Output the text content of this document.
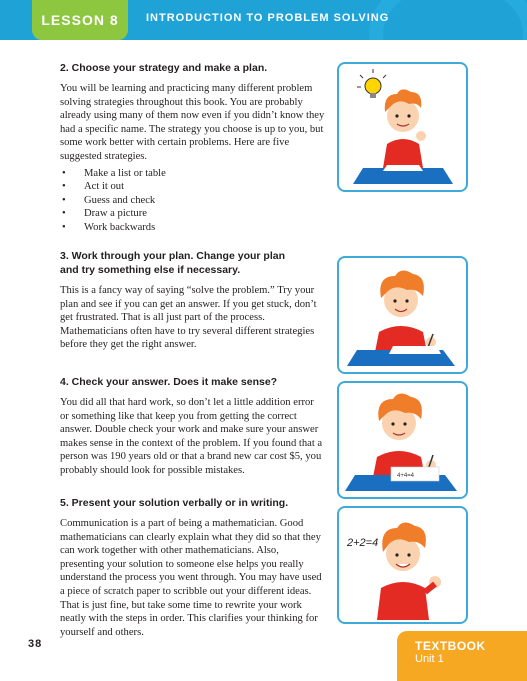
LESSON 8	INTRODUCTION TO PROBLEM SOLVING
2. Choose your strategy and make a plan.

You will be learning and practicing many different problem solving strategies throughout this book. You are probably already using many of them now even if you didn’t know they had a specific name. The strategy you choose is up to you, but some work better with certain problems. Here are five suggested strategies.

• Make a list or table
• Act it out
• Guess and check
• Draw a picture
• Work backwards
3. Work through your plan. Change your plan
and try something else if necessary.

This is a fancy way of saying “solve the problem.” Try your plan and see if you can get an answer. If you get stuck, don’t get frustrated. That is all just part of the process. Mathematicians often have to try several different strategies before they get the right answer.

4. Check your answer. Does it make sense?

You did all that hard work, so don’t let a little addition error or something like that keep you from getting the correct answer. Double check your work and make sure your answer makes sense in the context of the problem. If you found that a person was 190 years old or that a brand new car cost $5, you probably should look for possible mistakes.

5. Present your solution verbally or in writing.

Communication is a part of being a mathematician. Good mathematicians can clearly explain what they did so that they can work together with other mathematicians. Also, presenting your solution to someone else helps you really understand the process you went through. You may have used a piece of scratch paper to scribble out your different ideas. That is just fine, but take some time to rewrite your work neatly with the steps in order. This clarifies your thinking for yourself and others.

4+4=4
2+2=4
38	TEXTBOOK
Unit 1
